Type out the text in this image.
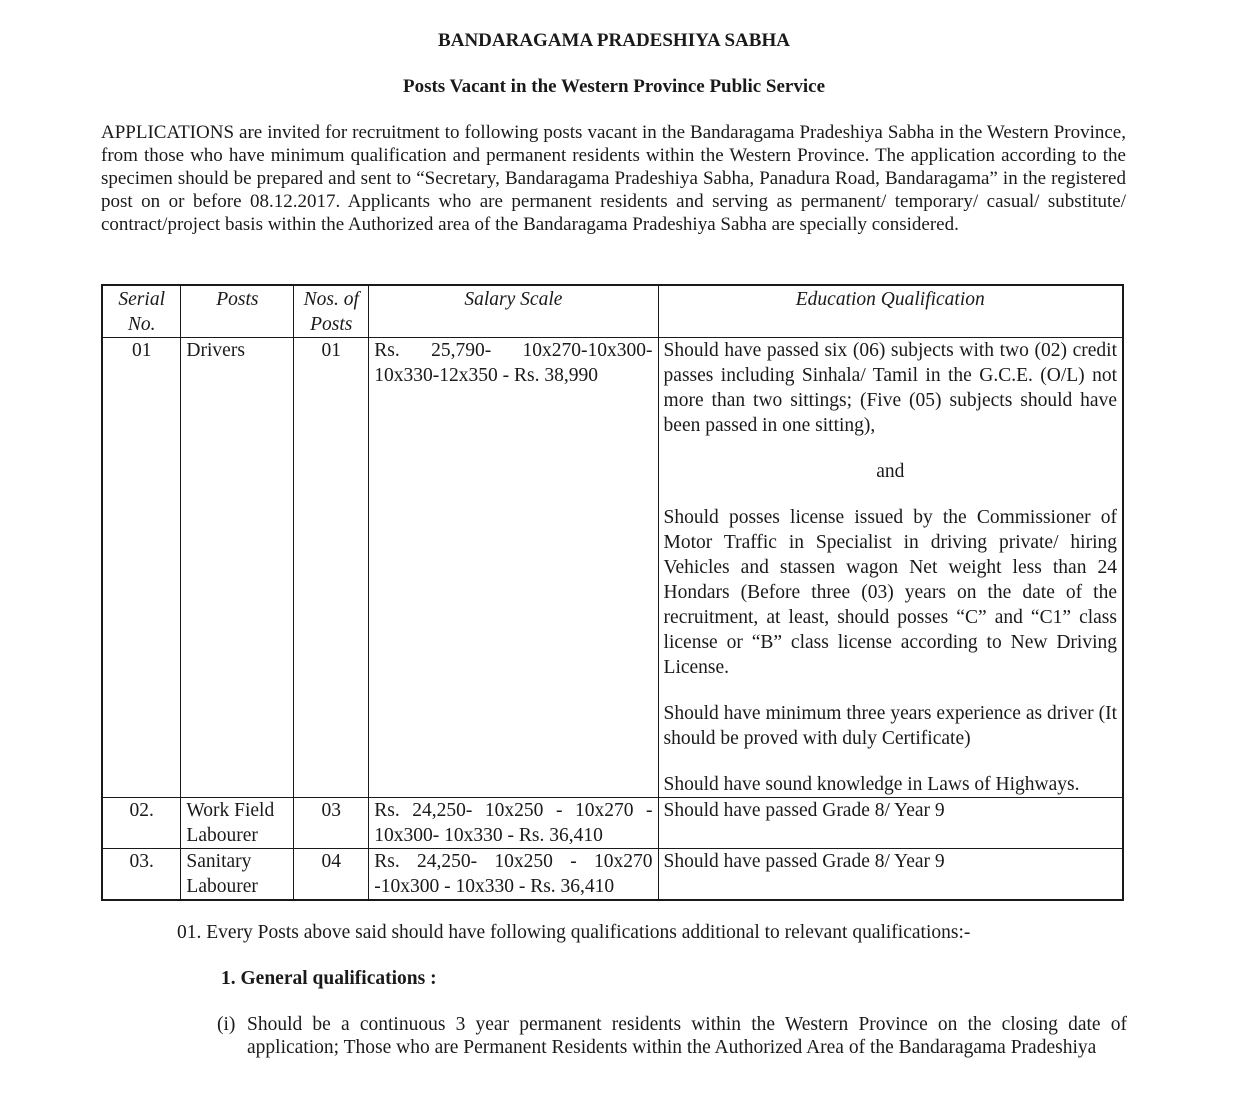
BANDARAGAMA PRADESHIYA SABHA
Posts Vacant in the Western Province Public Service

APPLICATIONS are invited for recruitment to following posts vacant in the Bandaragama Pradeshiya Sabha in the Western Province, from those who have minimum qualification and permanent residents within the Western Province. The application according to the specimen should be prepared and sent to “Secretary, Bandaragama Pradeshiya Sabha, Panadura Road, Bandaragama” in the registered post on or before 08.12.2017. Applicants who are permanent residents and serving as permanent/ temporary/ casual/ substitute/ contract/project basis within the Authorized area of the Bandaragama Pradeshiya Sabha are specially considered.

Serial No.	Posts	Nos. of Posts	Salary Scale	Education Qualification
01	Drivers	01	Rs. 25,790- 10x270-10x300-10x330-12x350 - Rs. 38,990	Should have passed six (06) subjects with two (02) credit passes including Sinhala/ Tamil in the G.C.E. (O/L) not more than two sittings; (Five (05) subjects should have been passed in one sitting),

and

Should posses license issued by the Commissioner of Motor Traffic in Specialist in driving private/ hiring Vehicles and stassen wagon Net weight less than 24 Hondars (Before three (03) years on the date of the recruitment, at least, should posses “C” and “C1” class license or “B” class license according to New Driving License.

Should have minimum three years experience as driver (It should be proved with duly Certificate)

Should have sound knowledge in Laws of Highways.

02.	Work Field Labourer	03	Rs. 24,250- 10x250 - 10x270 - 10x300- 10x330 - Rs. 36,410	Should have passed Grade 8/ Year 9
03.	Sanitary Labourer	04	Rs. 24,250- 10x250 - 10x270 -10x300 - 10x330 - Rs. 36,410	Should have passed Grade 8/ Year 9
01. Every Posts above said should have following qualifications additional to relevant qualifications:-
1. General qualifications :
(i) Should be a continuous 3 year permanent residents within the Western Province on the closing date of application; Those who are Permanent Residents within the Authorized Area of the Bandaragama Pradeshiya
